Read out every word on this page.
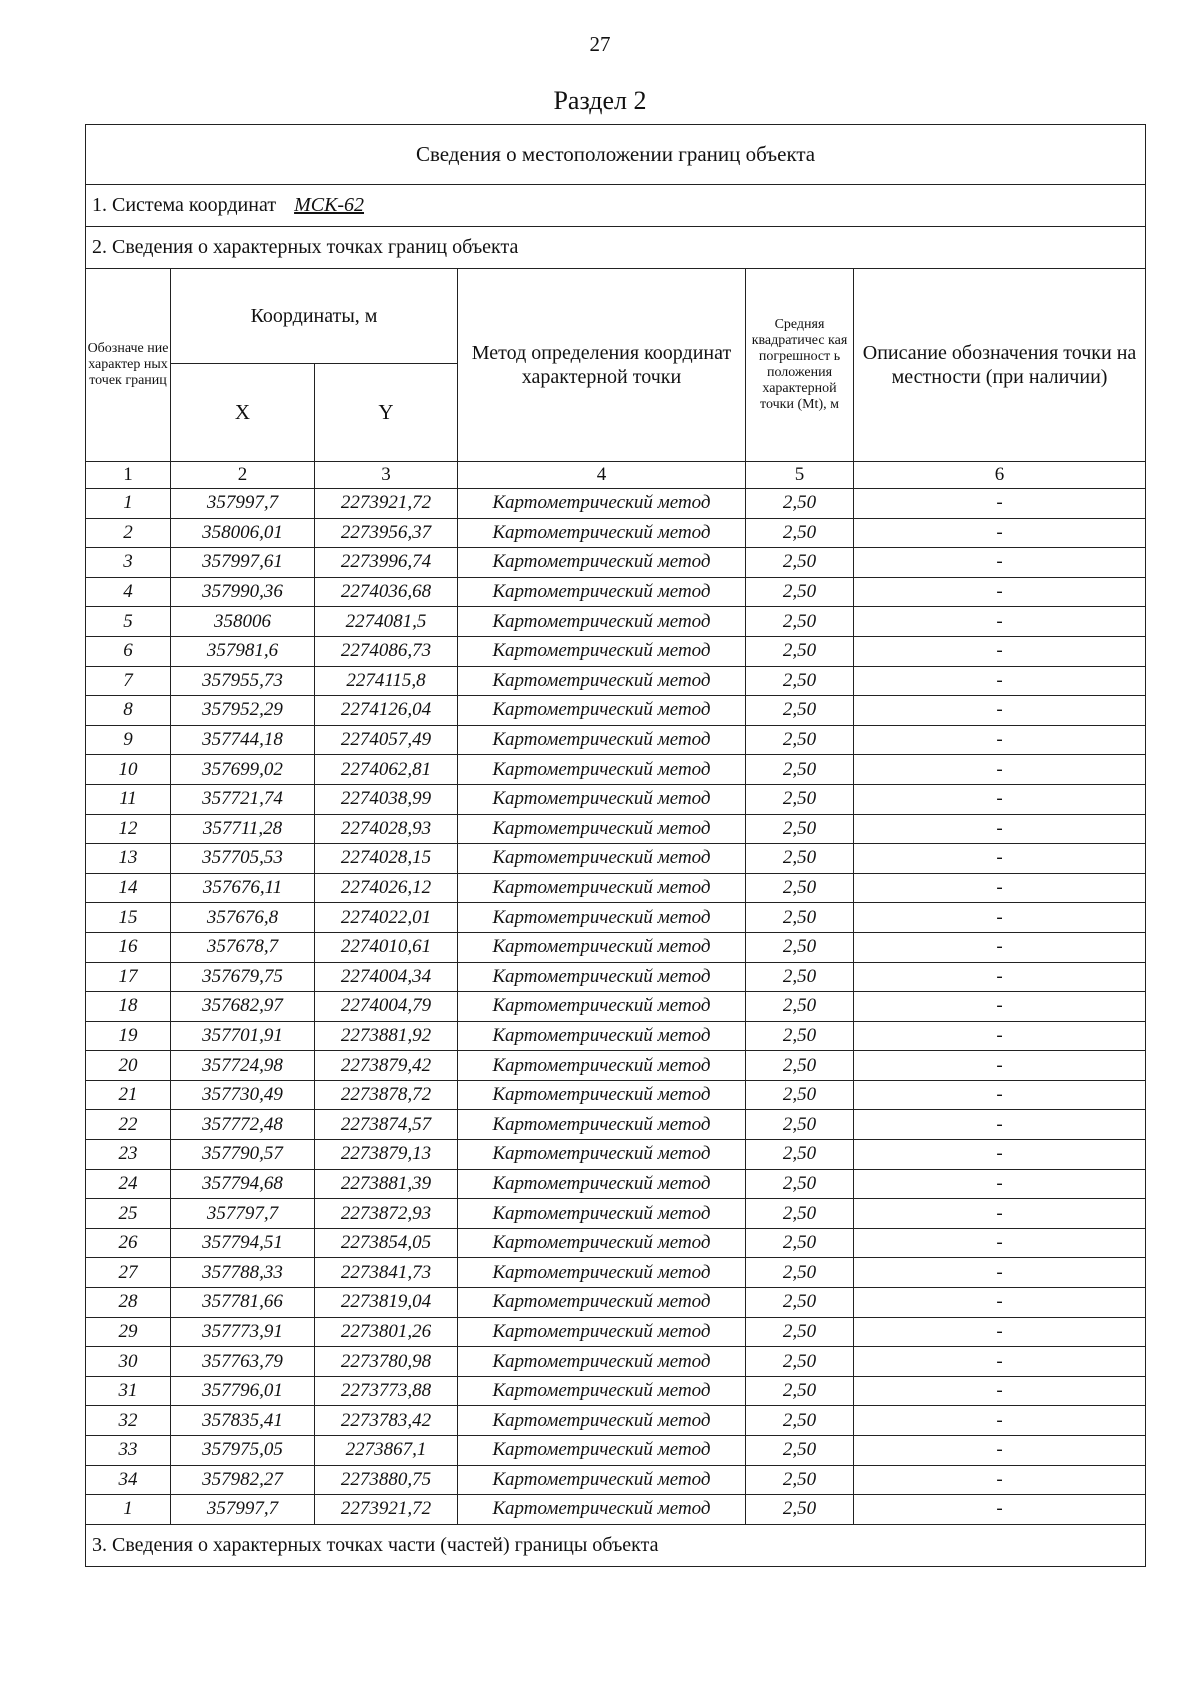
27
Раздел 2
Сведения о местоположении границ объекта					
1. Система координат МСК-62					
2. Сведения о характерных точках границ объекта					
Обозначе ние характер ных точек границ	Координаты, м		Метод определения координат характерной точки	Средняя квадратичес кая погрешност ь положения характерной точки (Mt), м	Описание обозначения точки на местности (при наличии)
	X	Y			
1	2	3	4	5	6
1	357997,7	2273921,72	Картометрический метод	2,50	-
2	358006,01	2273956,37	Картометрический метод	2,50	-
3	357997,61	2273996,74	Картометрический метод	2,50	-
4	357990,36	2274036,68	Картометрический метод	2,50	-
5	358006	2274081,5	Картометрический метод	2,50	-
6	357981,6	2274086,73	Картометрический метод	2,50	-
7	357955,73	2274115,8	Картометрический метод	2,50	-
8	357952,29	2274126,04	Картометрический метод	2,50	-
9	357744,18	2274057,49	Картометрический метод	2,50	-
10	357699,02	2274062,81	Картометрический метод	2,50	-
11	357721,74	2274038,99	Картометрический метод	2,50	-
12	357711,28	2274028,93	Картометрический метод	2,50	-
13	357705,53	2274028,15	Картометрический метод	2,50	-
14	357676,11	2274026,12	Картометрический метод	2,50	-
15	357676,8	2274022,01	Картометрический метод	2,50	-
16	357678,7	2274010,61	Картометрический метод	2,50	-
17	357679,75	2274004,34	Картометрический метод	2,50	-
18	357682,97	2274004,79	Картометрический метод	2,50	-
19	357701,91	2273881,92	Картометрический метод	2,50	-
20	357724,98	2273879,42	Картометрический метод	2,50	-
21	357730,49	2273878,72	Картометрический метод	2,50	-
22	357772,48	2273874,57	Картометрический метод	2,50	-
23	357790,57	2273879,13	Картометрический метод	2,50	-
24	357794,68	2273881,39	Картометрический метод	2,50	-
25	357797,7	2273872,93	Картометрический метод	2,50	-
26	357794,51	2273854,05	Картометрический метод	2,50	-
27	357788,33	2273841,73	Картометрический метод	2,50	-
28	357781,66	2273819,04	Картометрический метод	2,50	-
29	357773,91	2273801,26	Картометрический метод	2,50	-
30	357763,79	2273780,98	Картометрический метод	2,50	-
31	357796,01	2273773,88	Картометрический метод	2,50	-
32	357835,41	2273783,42	Картометрический метод	2,50	-
33	357975,05	2273867,1	Картометрический метод	2,50	-
34	357982,27	2273880,75	Картометрический метод	2,50	-
1	357997,7	2273921,72	Картометрический метод	2,50	-
3. Сведения о характерных точках части (частей) границы объекта					
